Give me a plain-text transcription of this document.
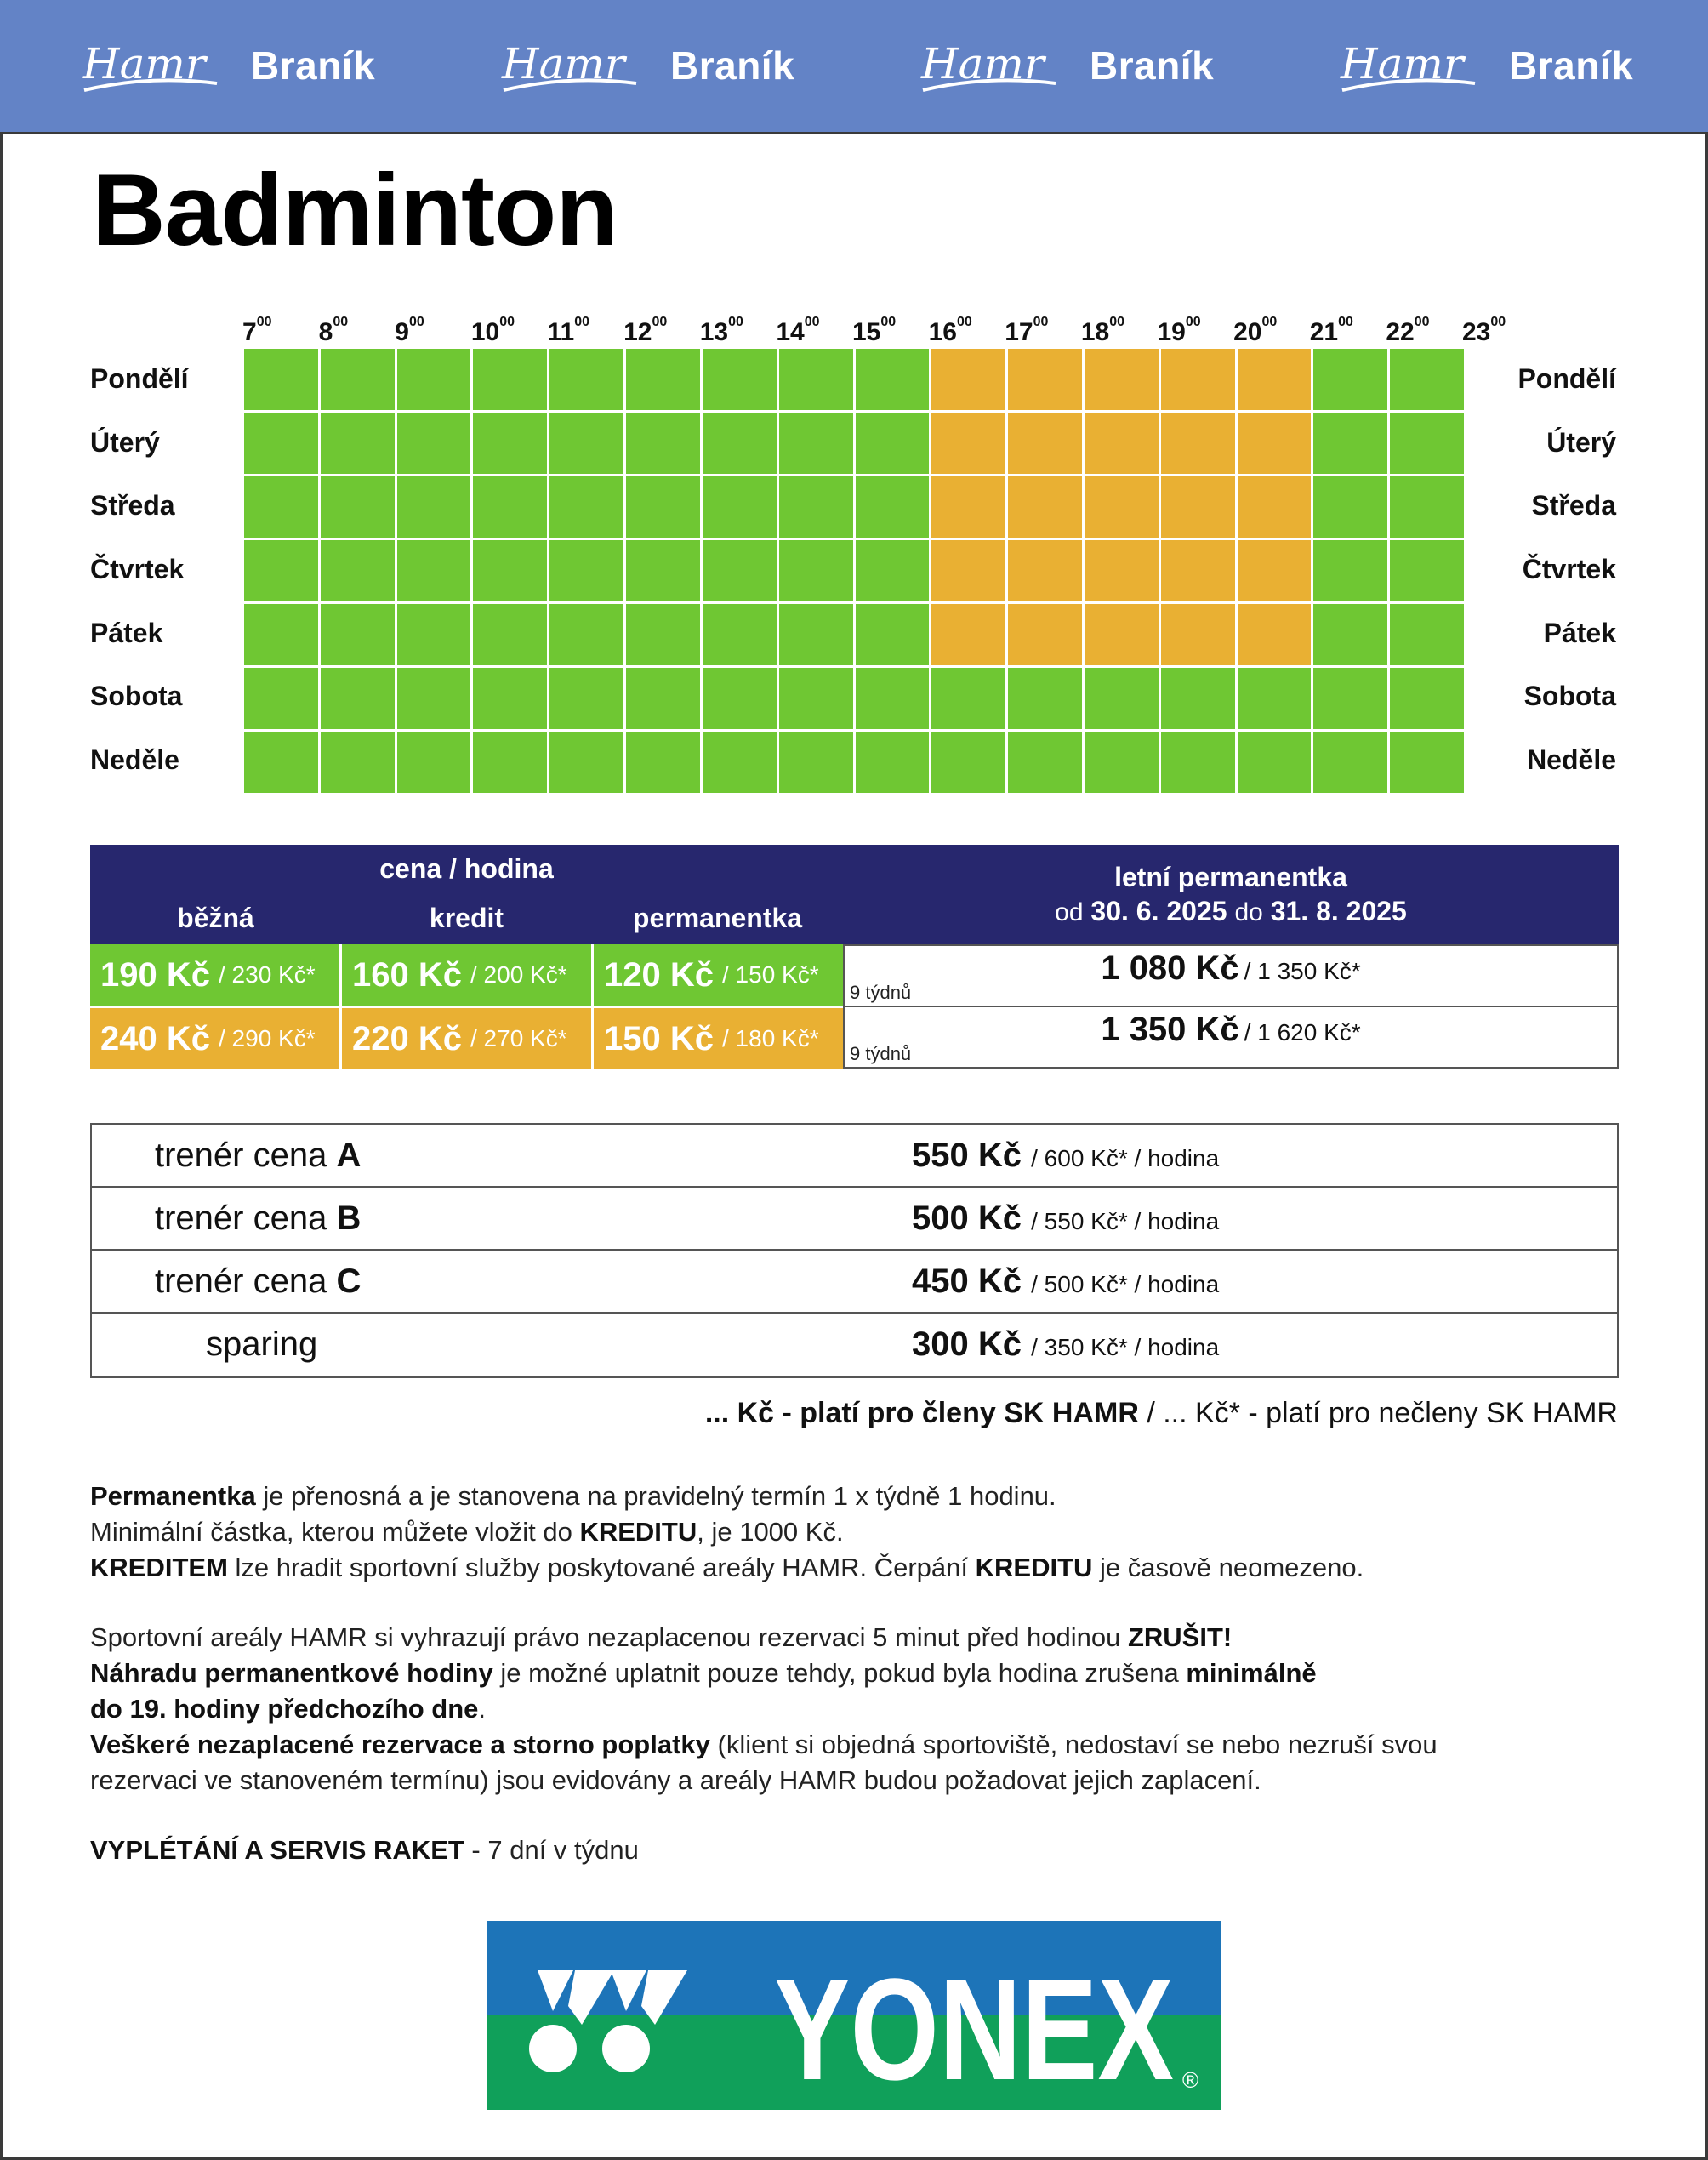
Hamr Braník	Hamr Braník	Hamr Braník	Hamr Braník
Badminton
$7^{00}$	$8^{00}$	$9^{00}$	$10^{00}$	$11^{00}$	$12^{00}$	$13^{00}$	$14^{00}$	$15^{00}$	$16^{00}$	$17^{00}$	$18^{00}$	$19^{00}$	$20^{00}$	$21^{00}$	$22^{00}$	$23^{00}$
Pondělí	Pondělí
Úterý	Úterý
Středa	Středa
Čtvrtek	Čtvrtek
Pátek	Pátek
Sobota	Sobota
Neděle	Neděle
cena / hodina
běžná	kredit	permanentka
letní permanentka
od 30. 6. 2025 do 31. 8. 2025
190 Kč / 230 Kč* 160 Kč / 200 Kč* 120 Kč / 150 Kč*
240 Kč / 290 Kč* 220 Kč / 270 Kč* 150 Kč / 180 Kč*
1 080 Kč / 1 350 Kč*
9 týdnů
1 350 Kč / 1 620 Kč*
9 týdnů
trenér cena A	550 Kč / 600 Kč* / hodina
trenér cena B	500 Kč / 550 Kč* / hodina
trenér cena C	450 Kč / 500 Kč* / hodina
sparing	300 Kč / 350 Kč* / hodina
... Kč - platí pro členy SK HAMR / ... Kč* - platí pro nečleny SK HAMR

Permanentka je přenosná a je stanovena na pravidelný termín 1 x týdně 1 hodinu.

Minimální částka, kterou můžete vložit do KREDITU, je 1000 Kč.

KREDITEM lze hradit sportovní služby poskytované areály HAMR. Čerpání KREDITU je časově neomezeno.

Sportovní areály HAMR si vyhrazují právo nezaplacenou rezervaci 5 minut před hodinou ZRUŠIT!

Náhradu permanentkové hodiny je možné uplatnit pouze tehdy, pokud byla hodina zrušena minimálně

do 19. hodiny předchozího dne.

Veškeré nezaplacené rezervace a storno poplatky (klient si objedná sportoviště, nedostaví se nebo nezruší svou

rezervaci ve stanoveném termínu) jsou evidovány a areály HAMR budou požadovat jejich zaplacení.

VYPLÉTÁNÍ A SERVIS RAKET - 7 dní v týdnu

YONEX ®
